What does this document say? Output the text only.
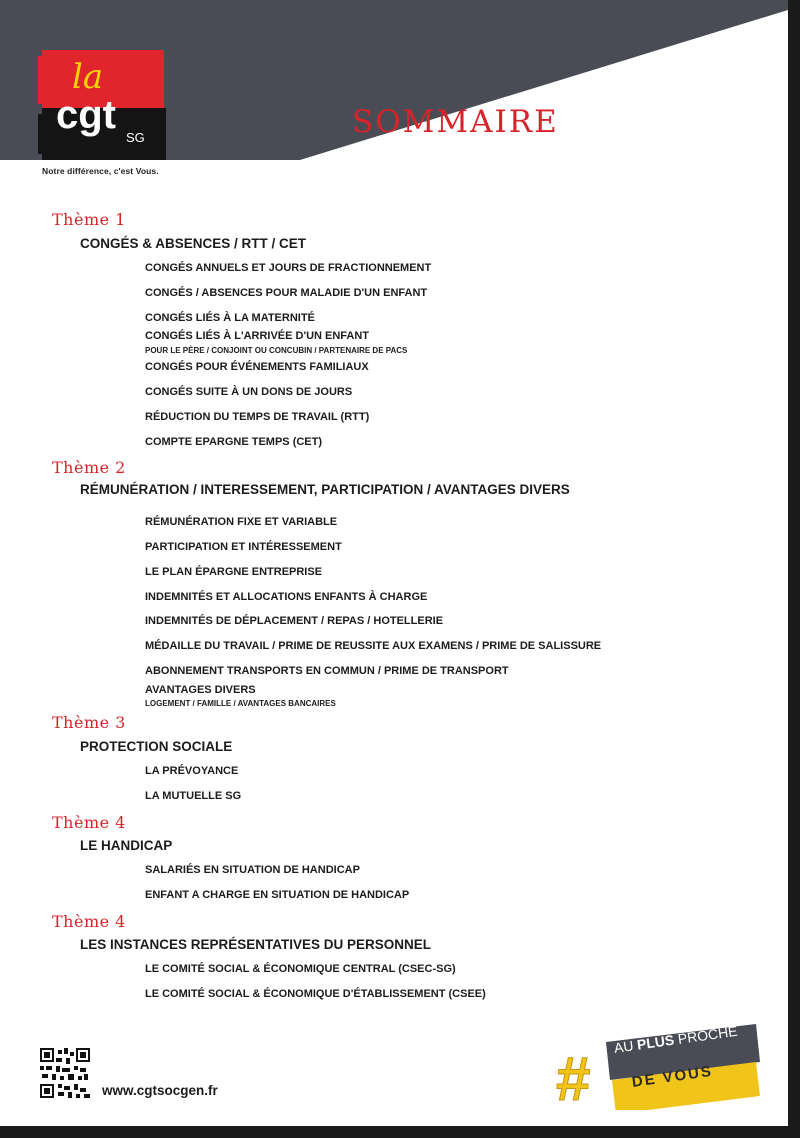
la
cgt
SG
Notre différence, c'est Vous.
SOMMAIRE
Thème 1
CONGÉS & ABSENCES / RTT / CET
CONGÉS ANNUELS ET JOURS DE FRACTIONNEMENT
CONGÉS / ABSENCES POUR MALADIE D'UN ENFANT
CONGÉS LIÉS À LA MATERNITÉ
CONGÉS LIÉS À L'ARRIVÉE D'UN ENFANT
POUR LE PÈRE / CONJOINT OU CONCUBIN / PARTENAIRE DE PACS
CONGÉS POUR ÉVÉNEMENTS FAMILIAUX
CONGÉS SUITE À UN DONS DE JOURS
RÉDUCTION DU TEMPS DE TRAVAIL (RTT)
COMPTE EPARGNE TEMPS (CET)
Thème 2
RÉMUNÉRATION / INTERESSEMENT, PARTICIPATION / AVANTAGES DIVERS
RÉMUNÉRATION FIXE ET VARIABLE
PARTICIPATION ET INTÉRESSEMENT
LE PLAN ÉPARGNE ENTREPRISE
INDEMNITÉS ET ALLOCATIONS ENFANTS À CHARGE
INDEMNITÉS DE DÉPLACEMENT / REPAS / HOTELLERIE
MÉDAILLE DU TRAVAIL / PRIME DE REUSSITE AUX EXAMENS / PRIME DE SALISSURE
ABONNEMENT TRANSPORTS EN COMMUN / PRIME DE TRANSPORT
AVANTAGES DIVERS
LOGEMENT / FAMILLE / AVANTAGES BANCAIRES
Thème 3
PROTECTION SOCIALE
LA PRÉVOYANCE
LA MUTUELLE SG
Thème 4
LE HANDICAP
SALARIÉS EN SITUATION DE HANDICAP
ENFANT A CHARGE EN SITUATION DE HANDICAP
Thème 4
LES INSTANCES REPRÉSENTATIVES DU PERSONNEL
LE COMITÉ SOCIAL & ÉCONOMIQUE CENTRAL (CSEC-SG)
LE COMITÉ SOCIAL & ÉCONOMIQUE D'ÉTABLISSEMENT (CSEE)
www.cgtsocgen.fr	# AU PLUS PROCHE
DE VOUS
